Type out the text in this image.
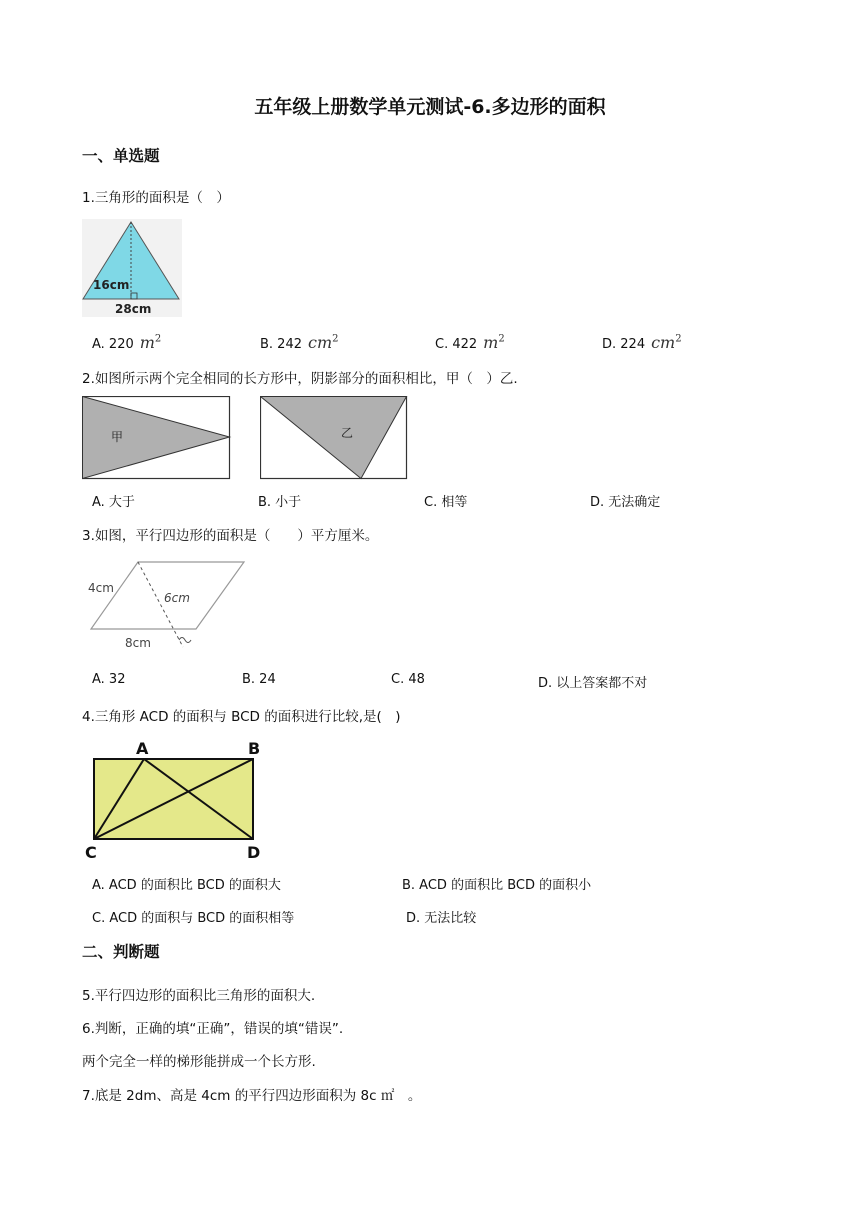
五年级上册数学单元测试-6.多边形的面积
一、单选题
1.三角形的面积是（　）
16cm
28cm
A. 220 $m^2$	B. 242 $cm^2$	C. 422 $m^2$	D. 224 $cm^2$
2.如图所示两个完全相同的长方形中，阴影部分的面积相比，甲（　）乙.
甲	乙
A. 大于	B. 小于	C. 相等	D. 无法确定
3.如图，平行四边形的面积是（　　）平方厘米。
4cm
6cm
8cm
A. 32	B. 24	C. 48	D. 以上答案都不对
4.三角形 ACD 的面积与 BCD 的面积进行比较,是(　)
A	B
C	D
A. ACD 的面积比 BCD 的面积大	B. ACD 的面积比 BCD 的面积小
C. ACD 的面积与 BCD 的面积相等	D. 无法比较
二、判断题
5.平行四边形的面积比三角形的面积大.
6.判断，正确的填“正确”，错误的填“错误”.
两个完全一样的梯形能拼成一个长方形.
7.底是 2dm、高是 4cm 的平行四边形面积为 8c ㎡　。
